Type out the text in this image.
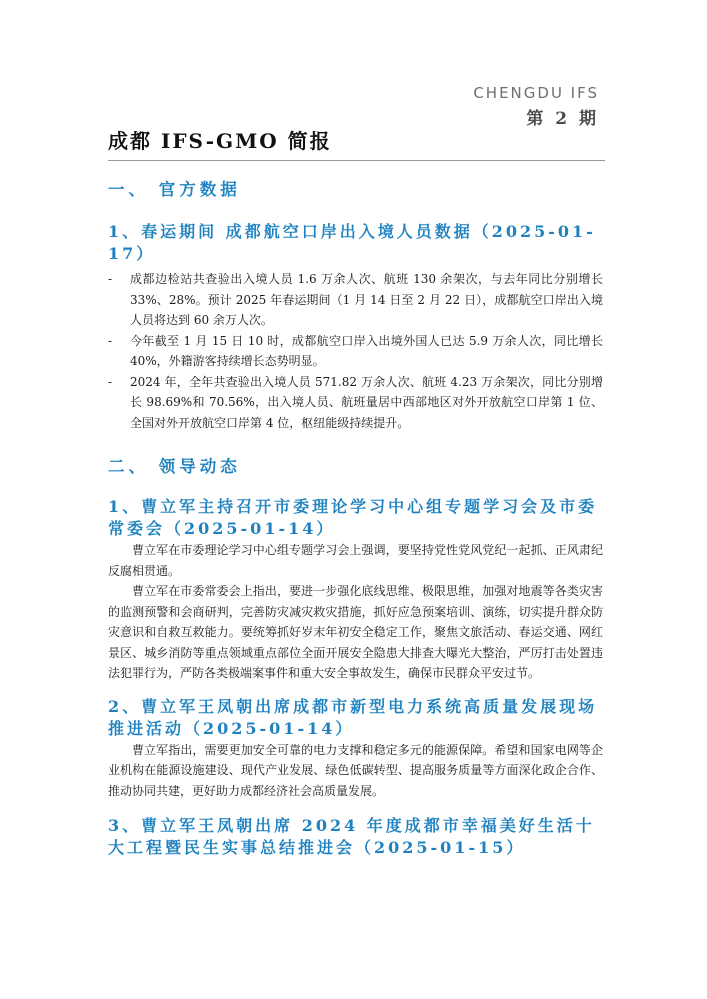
CHENGDU IFS
第 2 期
成都 IFS-GMO 简报
一、 官方数据
1、春运期间 成都航空口岸出入境人员数据（2025-01-17）
- 成都边检站共查验出入境人员 1.6 万余人次、航班 130 余架次，与去年同比分别增长 33%、28%。预计 2025 年春运期间（1 月 14 日至 2 月 22 日），成都航空口岸出入境人员将达到 60 余万人次。
- 今年截至 1 月 15 日 10 时，成都航空口岸入出境外国人已达 5.9 万余人次，同比增长 40%，外籍游客持续增长态势明显。
- 2024 年，全年共查验出入境人员 571.82 万余人次、航班 4.23 万余架次，同比分别增长 98.69%和 70.56%，出入境人员、航班量居中西部地区对外开放航空口岸第 1 位、全国对外开放航空口岸第 4 位，枢纽能级持续提升。
二、 领导动态
1、曹立军主持召开市委理论学习中心组专题学习会及市委常委会（2025-01-14）

曹立军在市委理论学习中心组专题学习会上强调，要坚持党性党风党纪一起抓、正风肃纪反腐相贯通。

曹立军在市委常委会上指出，要进一步强化底线思维、极限思维，加强对地震等各类灾害的监测预警和会商研判，完善防灾减灾救灾措施，抓好应急预案培训、演练，切实提升群众防灾意识和自救互救能力。要统筹抓好岁末年初安全稳定工作，聚焦文旅活动、春运交通、网红景区、城乡消防等重点领域重点部位全面开展安全隐患大排查大曝光大整治，严厉打击处置违法犯罪行为，严防各类极端案事件和重大安全事故发生，确保市民群众平安过节。

2、曹立军王凤朝出席成都市新型电力系统高质量发展现场推进活动（2025-01-14）

曹立军指出，需要更加安全可靠的电力支撑和稳定多元的能源保障。希望和国家电网等企业机构在能源设施建设、现代产业发展、绿色低碳转型、提高服务质量等方面深化政企合作、推动协同共建，更好助力成都经济社会高质量发展。

3、曹立军王凤朝出席 2024 年度成都市幸福美好生活十大工程暨民生实事总结推进会（2025-01-15）
